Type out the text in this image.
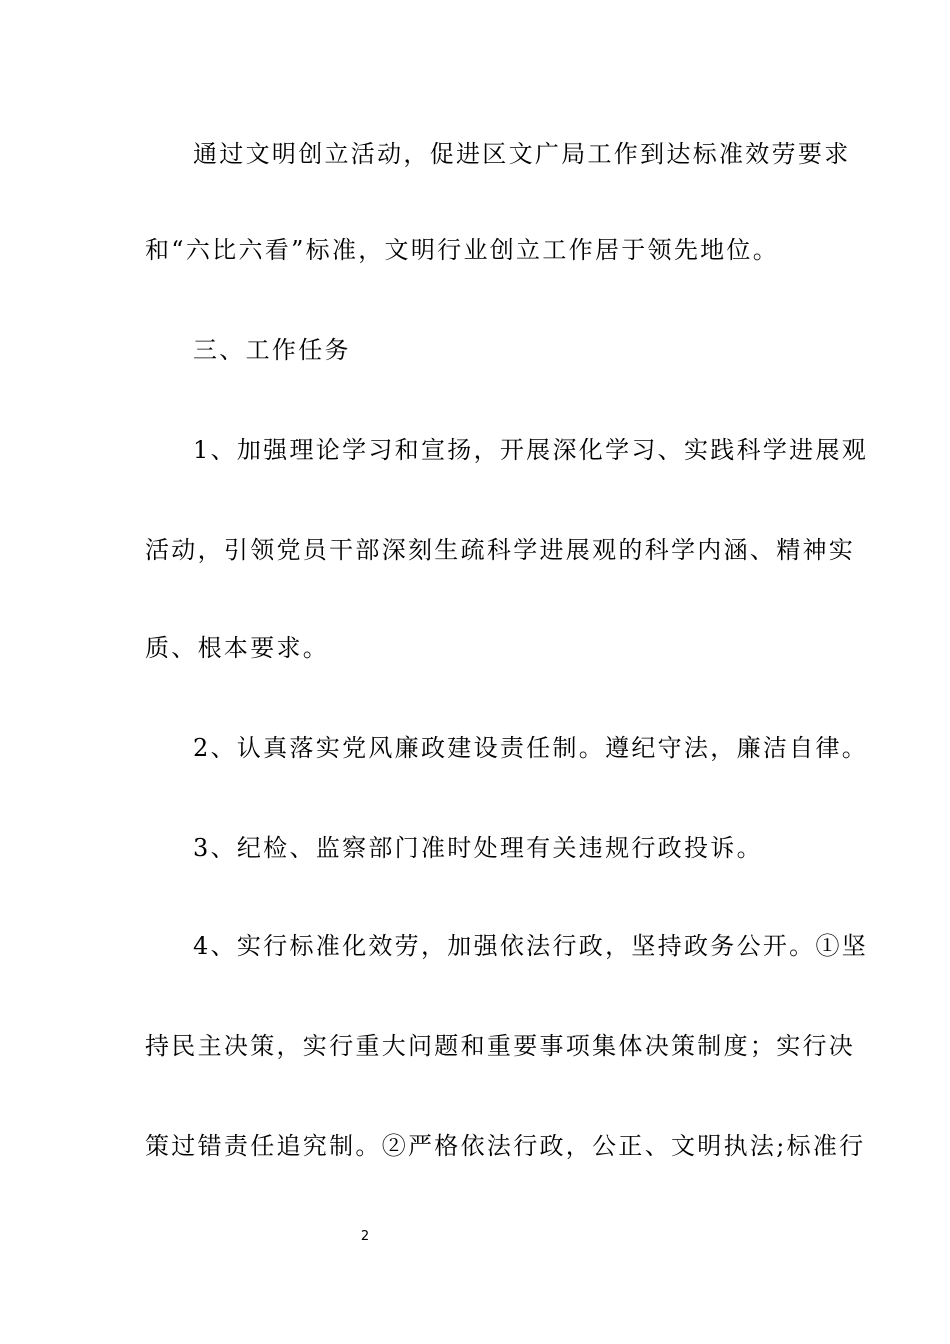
通过文明创立活动，促进区文广局工作到达标准效劳要求
和“六比六看”标准，文明行业创立工作居于领先地位。
三、工作任务
1、加强理论学习和宣扬，开展深化学习、实践科学进展观
活动，引领党员干部深刻生疏科学进展观的科学内涵、精神实
质、根本要求。
2、认真落实党风廉政建设责任制。遵纪守法，廉洁自律。
3、纪检、监察部门准时处理有关违规行政投诉。
4、实行标准化效劳，加强依法行政，坚持政务公开。①坚
持民主决策，实行重大问题和重要事项集体决策制度；实行决
策过错责任追究制。②严格依法行政，公正、文明执法;标准行
2
